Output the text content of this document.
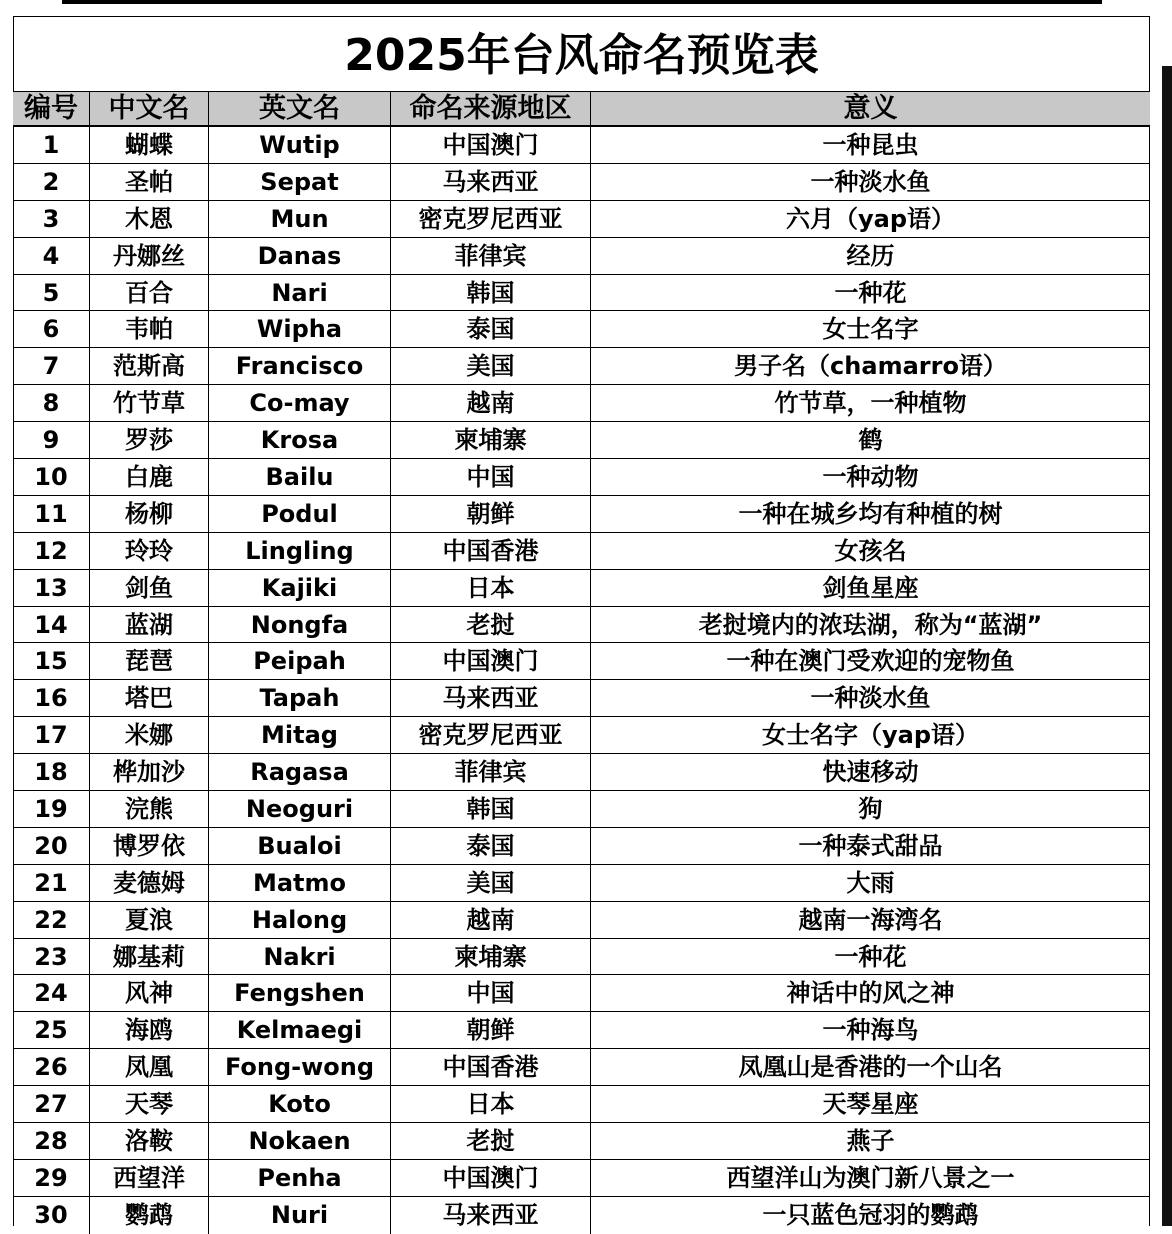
2025年台风命名预览表
编号	中文名	英文名	命名来源地区	意义
1	蝴蝶	Wutip	中国澳门	一种昆虫
2	圣帕	Sepat	马来西亚	一种淡水鱼
3	木恩	Mun	密克罗尼西亚	六月（yap语）
4	丹娜丝	Danas	菲律宾	经历
5	百合	Nari	韩国	一种花
6	韦帕	Wipha	泰国	女士名字
7	范斯高	Francisco	美国	男子名（chamarro语）
8	竹节草	Co-may	越南	竹节草，一种植物
9	罗莎	Krosa	柬埔寨	鹤
10	白鹿	Bailu	中国	一种动物
11	杨柳	Podul	朝鲜	一种在城乡均有种植的树
12	玲玲	Lingling	中国香港	女孩名
13	剑鱼	Kajiki	日本	剑鱼星座
14	蓝湖	Nongfa	老挝	老挝境内的浓珐湖，称为“蓝湖”
15	琵琶	Peipah	中国澳门	一种在澳门受欢迎的宠物鱼
16	塔巴	Tapah	马来西亚	一种淡水鱼
17	米娜	Mitag	密克罗尼西亚	女士名字（yap语）
18	桦加沙	Ragasa	菲律宾	快速移动
19	浣熊	Neoguri	韩国	狗
20	博罗依	Bualoi	泰国	一种泰式甜品
21	麦德姆	Matmo	美国	大雨
22	夏浪	Halong	越南	越南一海湾名
23	娜基莉	Nakri	柬埔寨	一种花
24	风神	Fengshen	中国	神话中的风之神
25	海鸥	Kelmaegi	朝鲜	一种海鸟
26	凤凰	Fong-wong	中国香港	凤凰山是香港的一个山名
27	天琴	Koto	日本	天琴星座
28	洛鞍	Nokaen	老挝	燕子
29	西望洋	Penha	中国澳门	西望洋山为澳门新八景之一
30	鹦鹉	Nuri	马来西亚	一只蓝色冠羽的鹦鹉
